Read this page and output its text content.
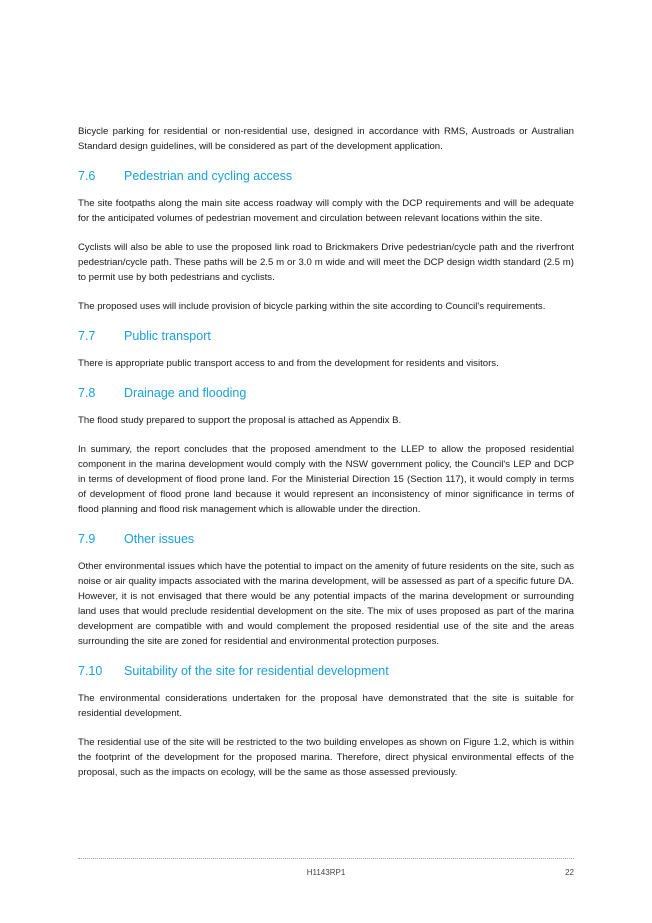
Bicycle parking for residential or non-residential use, designed in accordance with RMS, Austroads or Australian Standard design guidelines, will be considered as part of the development application.

7.6	Pedestrian and cycling access

The site footpaths along the main site access roadway will comply with the DCP requirements and will be adequate for the anticipated volumes of pedestrian movement and circulation between relevant locations within the site.

Cyclists will also be able to use the proposed link road to Brickmakers Drive pedestrian/cycle path and the riverfront pedestrian/cycle path. These paths will be 2.5 m or 3.0 m wide and will meet the DCP design width standard (2.5 m) to permit use by both pedestrians and cyclists.

The proposed uses will include provision of bicycle parking within the site according to Council's requirements.

7.7	Public transport

There is appropriate public transport access to and from the development for residents and visitors.

7.8	Drainage and flooding

The flood study prepared to support the proposal is attached as Appendix B.

In summary, the report concludes that the proposed amendment to the LLEP to allow the proposed residential component in the marina development would comply with the NSW government policy, the Council's LEP and DCP in terms of development of flood prone land. For the Ministerial Direction 15 (Section 117), it would comply in terms of development of flood prone land because it would represent an inconsistency of minor significance in terms of flood planning and flood risk management which is allowable under the direction.

7.9	Other issues

Other environmental issues which have the potential to impact on the amenity of future residents on the site, such as noise or air quality impacts associated with the marina development, will be assessed as part of a specific future DA. However, it is not envisaged that there would be any potential impacts of the marina development or surrounding land uses that would preclude residential development on the site. The mix of uses proposed as part of the marina development are compatible with and would complement the proposed residential use of the site and the areas surrounding the site are zoned for residential and environmental protection purposes.

7.10	Suitability of the site for residential development

The environmental considerations undertaken for the proposal have demonstrated that the site is suitable for residential development.

The residential use of the site will be restricted to the two building envelopes as shown on Figure 1.2, which is within the footprint of the development for the proposed marina. Therefore, direct physical environmental effects of the proposal, such as the impacts on ecology, will be the same as those assessed previously.

H1143RP1	22
